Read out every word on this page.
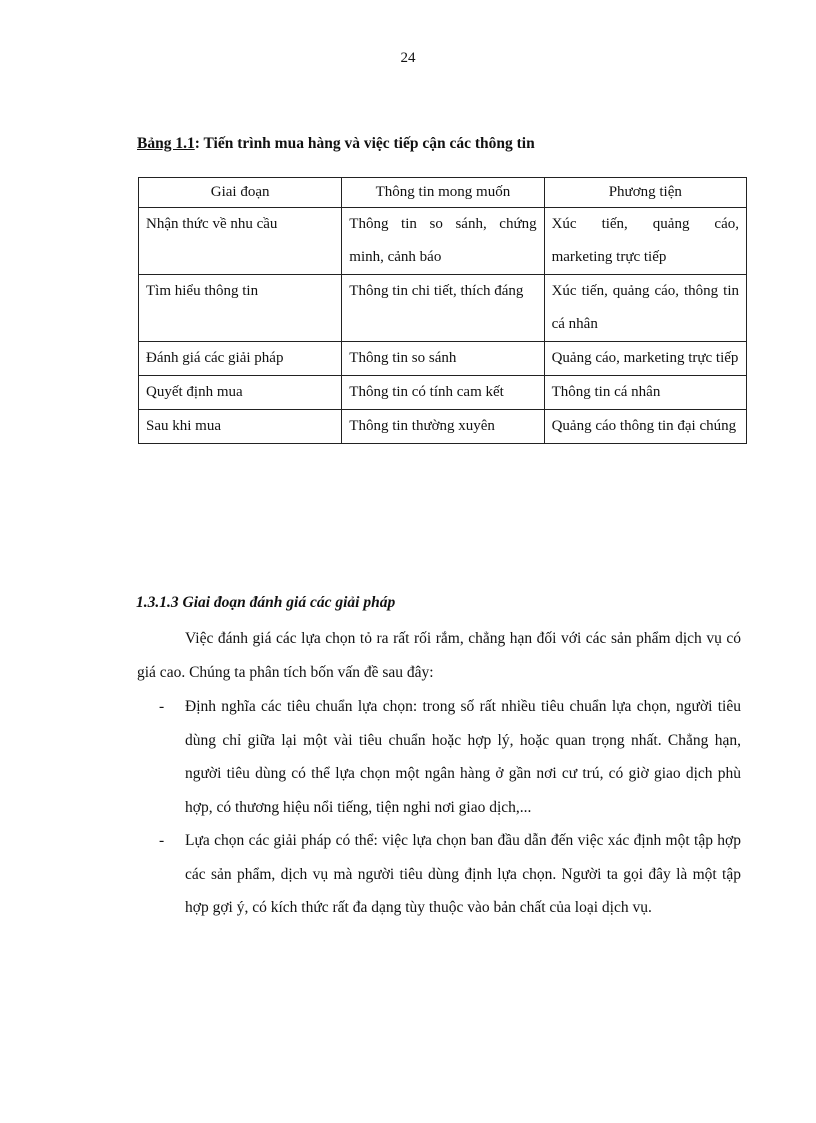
24
Bảng 1.1: Tiến trình mua hàng và việc tiếp cận các thông tin
Giai đoạn	Thông tin mong muốn	Phương tiện
Nhận thức về nhu cầu	Thông tin so sánh, chứng minh, cảnh báo	Xúc tiến, quảng cáo, marketing trực tiếp
Tìm hiểu thông tin	Thông tin chi tiết, thích đáng	Xúc tiến, quảng cáo, thông tin cá nhân
Đánh giá các giải pháp	Thông tin so sánh	Quảng cáo, marketing trực tiếp
Quyết định mua	Thông tin có tính cam kết	Thông tin cá nhân
Sau khi mua	Thông tin thường xuyên	Quảng cáo thông tin đại chúng
1.3.1.3 Giai đoạn đánh giá các giải pháp
Việc đánh giá các lựa chọn tỏ ra rất rối rắm, chẳng hạn đối với các sản phẩm dịch vụ có giá cao. Chúng ta phân tích bốn vấn đề sau đây:
- Định nghĩa các tiêu chuẩn lựa chọn: trong số rất nhiều tiêu chuẩn lựa chọn, người tiêu dùng chỉ giữa lại một vài tiêu chuẩn hoặc hợp lý, hoặc quan trọng nhất. Chẳng hạn, người tiêu dùng có thể lựa chọn một ngân hàng ở gần nơi cư trú, có giờ giao dịch phù hợp, có thương hiệu nổi tiếng, tiện nghi nơi giao dịch,...
- Lựa chọn các giải pháp có thể: việc lựa chọn ban đầu dẫn đến việc xác định một tập hợp các sản phẩm, dịch vụ mà người tiêu dùng định lựa chọn. Người ta gọi đây là một tập hợp gợi ý, có kích thức rất đa dạng tùy thuộc vào bản chất của loại dịch vụ.
